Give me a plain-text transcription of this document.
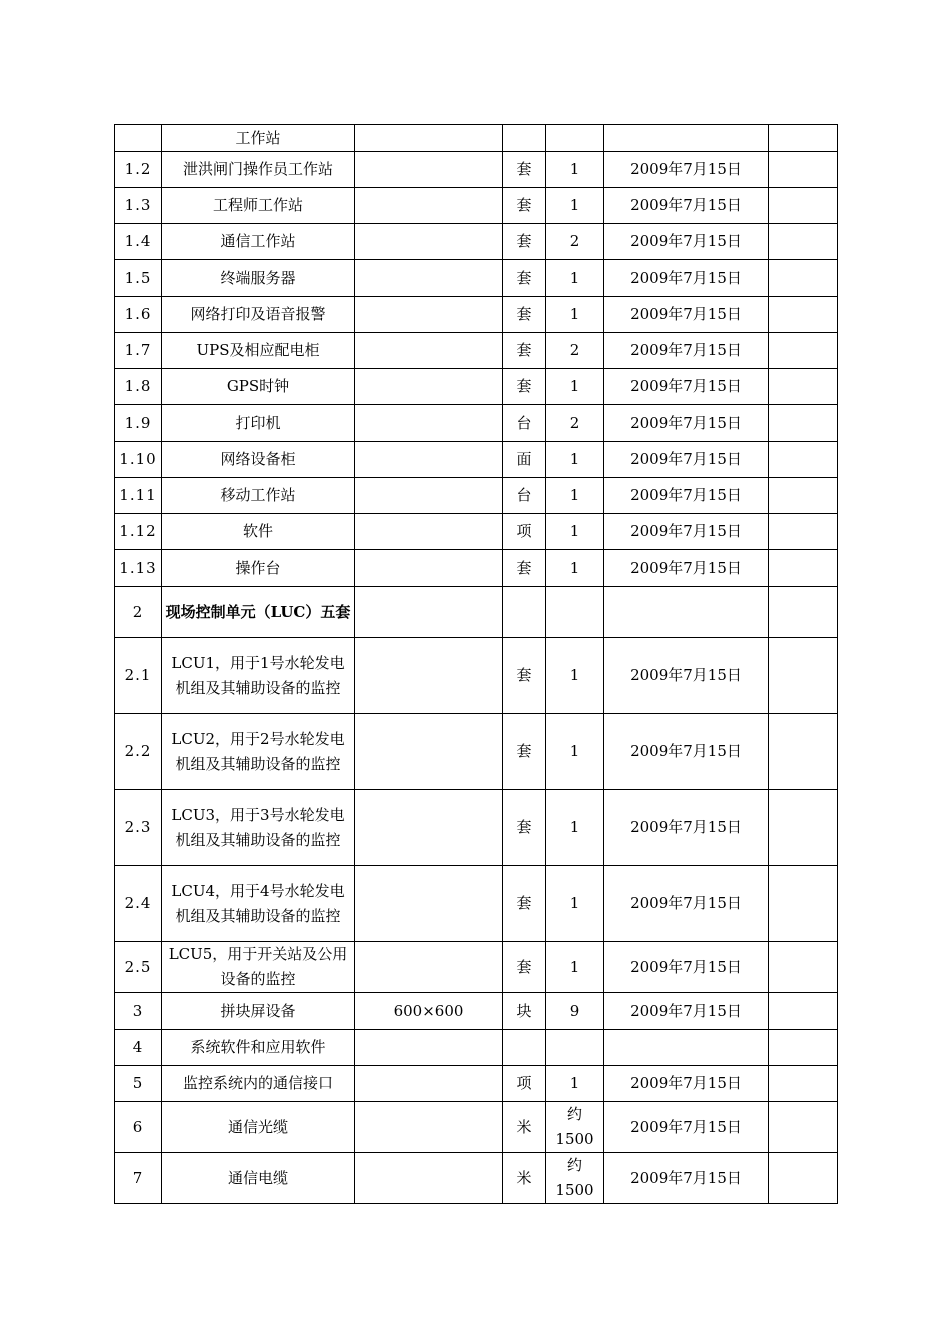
	工作站					
1.2	泄洪闸门操作员工作站		套	1	2009年7月15日	
1.3	工程师工作站		套	1	2009年7月15日	
1.4	通信工作站		套	2	2009年7月15日	
1.5	终端服务器		套	1	2009年7月15日	
1.6	网络打印及语音报警		套	1	2009年7月15日	
1.7	UPS及相应配电柜		套	2	2009年7月15日	
1.8	GPS时钟		套	1	2009年7月15日	
1.9	打印机		台	2	2009年7月15日	
1.10	网络设备柜		面	1	2009年7月15日	
1.11	移动工作站		台	1	2009年7月15日	
1.12	软件		项	1	2009年7月15日	
1.13	操作台		套	1	2009年7月15日	
2	现场控制单元（LUC）五套					
2.1	LCU1，用于1号水轮发电机组及其辅助设备的监控		套	1	2009年7月15日	
2.2	LCU2，用于2号水轮发电机组及其辅助设备的监控		套	1	2009年7月15日	
2.3	LCU3，用于3号水轮发电机组及其辅助设备的监控		套	1	2009年7月15日	
2.4	LCU4，用于4号水轮发电机组及其辅助设备的监控		套	1	2009年7月15日	
2.5	LCU5，用于开关站及公用设备的监控		套	1	2009年7月15日	
3	拼块屏设备	600×600	块	9	2009年7月15日	
4	系统软件和应用软件					
5	监控系统内的通信接口		项	1	2009年7月15日	
6	通信光缆		米	约1500	2009年7月15日	
7	通信电缆		米	约1500	2009年7月15日	
